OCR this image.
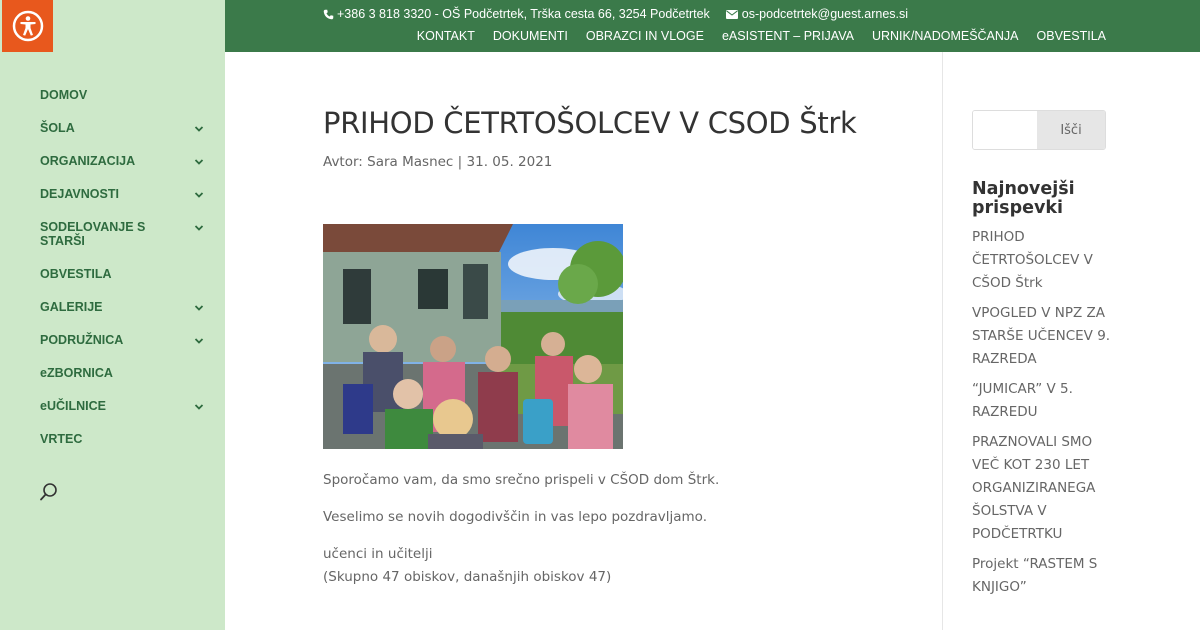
DOMOV
ŠOLA
ORGANIZACIJA
DEJAVNOSTI
SODELOVANJE S STARŠI
OBVESTILA
GALERIJE
PODRUŽNICA
eZBORNICA
eUČILNICE
VRTEC
+386 3 818 3320 - OŠ Podčetrtek, Trška cesta 66, 3254 Podčetrtek	os-podcetrtek@guest.arnes.si
KONTAKT DOKUMENTI OBRAZCI IN VLOGE eASISTENT – PRIJAVA URNIK/NADOMEŠČANJA OBVESTILA
PRIHOD ČETRTOŠOLCEV V CSOD Štrk
Avtor: Sara Masnec | 31. 05. 2021

Sporočamo vam, da smo srečno prispeli v CŠOD dom Štrk.

Veselimo se novih dogodivščin in vas lepo pozdravljamo.

učenci in učitelji

(Skupno 47 obiskov, današnjih obiskov 47)

Išči
Najnovejši prispevki
PRIHOD ČETRTOŠOLCEV V CŠOD Štrk
VPOGLED V NPZ ZA STARŠE UČENCEV 9. RAZREDA
“JUMICAR” V 5. RAZREDU
PRAZNOVALI SMO VEČ KOT 230 LET ORGANIZIRANEGA ŠOLSTVA V PODČETRTKU
Projekt “RASTEM S KNJIGO”
